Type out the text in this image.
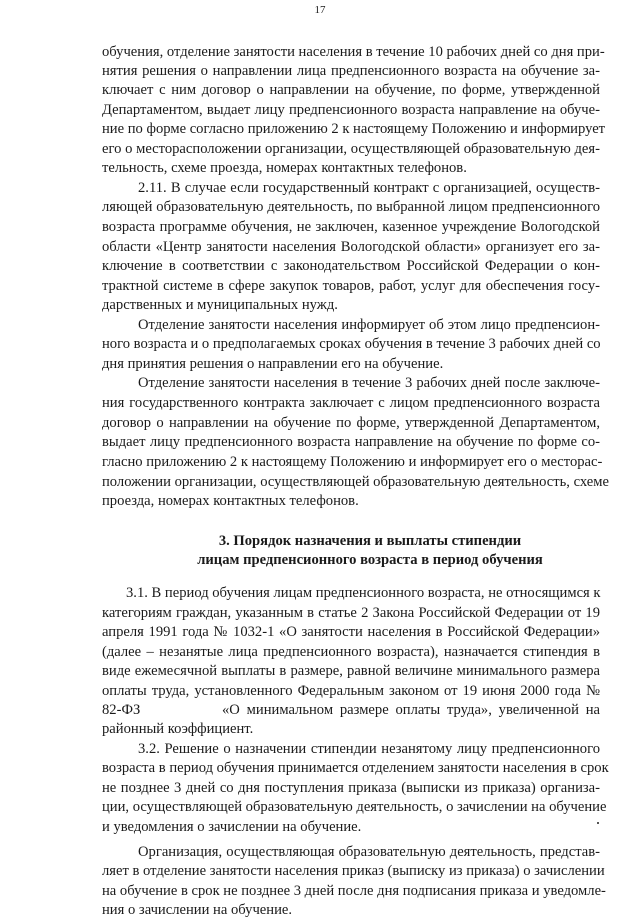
17
обучения, отделение занятости населения в течение 10 рабочих дней со дня при-
нятия решения о направлении лица предпенсионного возраста на обучение за-
ключает с ним договор о направлении на обучение, по форме, утвержденной
Департаментом, выдает лицу предпенсионного возраста направление на обуче-
ние по форме согласно приложению 2 к настоящему Положению и информирует
его о месторасположении организации, осуществляющей образовательную дея-
тельность, схеме проезда, номерах контактных телефонов.
2.11. В случае если государственный контракт с организацией, осуществ-
ляющей образовательную деятельность, по выбранной лицом предпенсионного
возраста программе обучения, не заключен, казенное учреждение Вологодской
области «Центр занятости населения Вологодской области» организует его за-
ключение в соответствии с законодательством Российской Федерации о кон-
трактной системе в сфере закупок товаров, работ, услуг для обеспечения госу-
дарственных и муниципальных нужд.
Отделение занятости населения информирует об этом лицо предпенсион-
ного возраста и о предполагаемых сроках обучения в течение 3 рабочих дней со
дня принятия решения о направлении его на обучение.
Отделение занятости населения в течение 3 рабочих дней после заключе-
ния государственного контракта заключает с лицом предпенсионного возраста
договор о направлении на обучение по форме, утвержденной Департаментом,
выдает лицу предпенсионного возраста направление на обучение по форме со-
гласно приложению 2 к настоящему Положению и информирует его о месторас-
положении организации, осуществляющей образовательную деятельность, схеме
проезда, номерах контактных телефонов.
3. Порядок назначения и выплаты стипендии
лицам предпенсионного возраста в период обучения
3.1. В период обучения лицам предпенсионного возраста, не относящимся к
категориям граждан, указанным в статье 2 Закона Российской Федерации от 19
апреля 1991 года № 1032-1 «О занятости населения в Российской Федерации»
(далее – незанятые лица предпенсионного возраста), назначается стипендия в
виде ежемесячной выплаты в размере, равной величине минимального размера
оплаты труда, установленного Федеральным законом от 19 июня 2000 года №
82-ФЗ	«О минимальном размере оплаты труда», увеличенной на
районный коэффициент.
3.2. Решение о назначении стипендии незанятому лицу предпенсионного
возраста в период обучения принимается отделением занятости населения в срок
не позднее 3 дней со дня поступления приказа (выписки из приказа) организа-
ции, осуществляющей образовательную деятельность, о зачислении на обучение
и уведомления о зачислении на обучение.
Организация, осуществляющая образовательную деятельность, представ-
ляет в отделение занятости населения приказ (выписку из приказа) о зачислении
на обучение в срок не позднее 3 дней после дня подписания приказа и уведомле-
ния о зачислении на обучение.
